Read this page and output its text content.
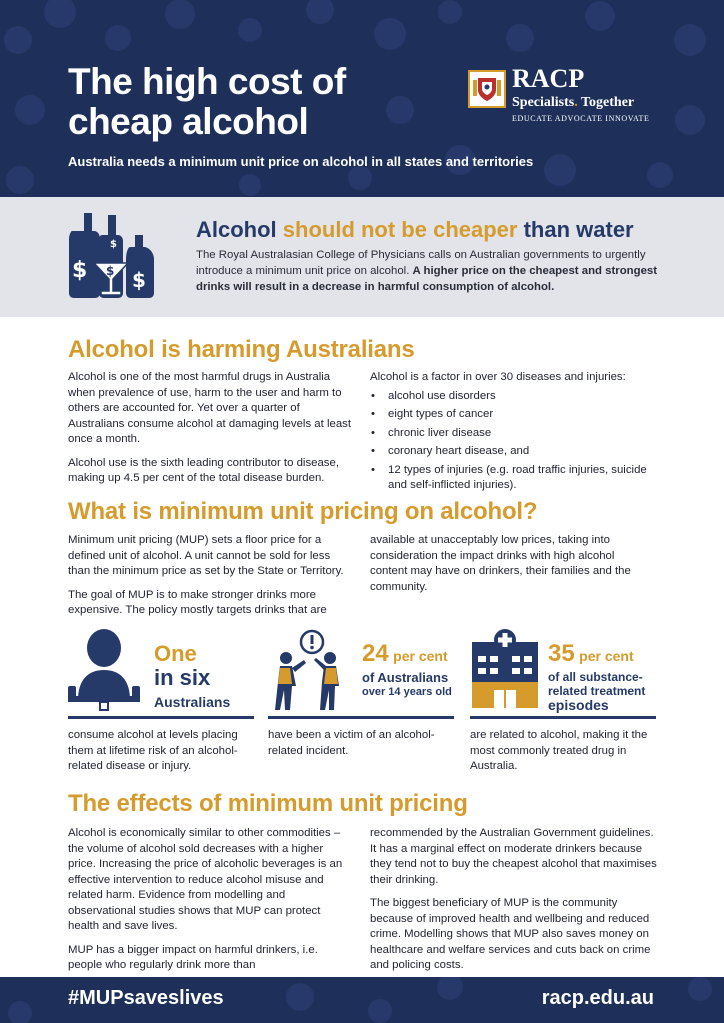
The high cost of
cheap alcohol
Australia needs a minimum unit price on alcohol in all states and territories
RACP
Specialists. Together
EDUCATE ADVOCATE INNOVATE
$ $ $
$
Alcohol should not be cheaper than water
The Royal Australasian College of Physicians calls on Australian governments to urgently introduce a minimum unit price on alcohol. A higher price on the cheapest and strongest drinks will result in a decrease in harmful consumption of alcohol.
Alcohol is harming Australians

Alcohol is one of the most harmful drugs in Australia when prevalence of use, harm to the user and harm to others are accounted for. Yet over a quarter of Australians consume alcohol at damaging levels at least once a month.

Alcohol use is the sixth leading contributor to disease, making up 4.5 per cent of the total disease burden.

Alcohol is a factor in over 30 diseases and injuries:

• alcohol use disorders
• eight types of cancer
• chronic liver disease
• coronary heart disease, and
• 12 types of injuries (e.g. road traffic injuries, suicide and self-inflicted injuries).
What is minimum unit pricing on alcohol?

Minimum unit pricing (MUP) sets a floor price for a defined unit of alcohol. A unit cannot be sold for less than the minimum price as set by the State or Territory.

The goal of MUP is to make stronger drinks more expensive. The policy mostly targets drinks that are

available at unacceptably low prices, taking into consideration the impact drinks with high alcohol content may have on drinkers, their families and the community.

One
in six
Australians
consume alcohol at levels placing them at lifetime risk of an alcohol-related disease or injury.
24 per cent
of Australians
over 14 years old
have been a victim of an alcohol-related incident.
35 per cent
of all substance-
related treatment
episodes
are related to alcohol, making it the most commonly treated drug in Australia.
The effects of minimum unit pricing

Alcohol is economically similar to other commodities – the volume of alcohol sold decreases with a higher price. Increasing the price of alcoholic beverages is an effective intervention to reduce alcohol misuse and related harm. Evidence from modelling and observational studies shows that MUP can protect health and save lives.

MUP has a bigger impact on harmful drinkers, i.e. people who regularly drink more than

recommended by the Australian Government guidelines. It has a marginal effect on moderate drinkers because they tend not to buy the cheapest alcohol that maximises their drinking.

The biggest beneficiary of MUP is the community because of improved health and wellbeing and reduced crime. Modelling shows that MUP also saves money on healthcare and welfare services and cuts back on crime and policing costs.

#MUPsaveslives	racp.edu.au
